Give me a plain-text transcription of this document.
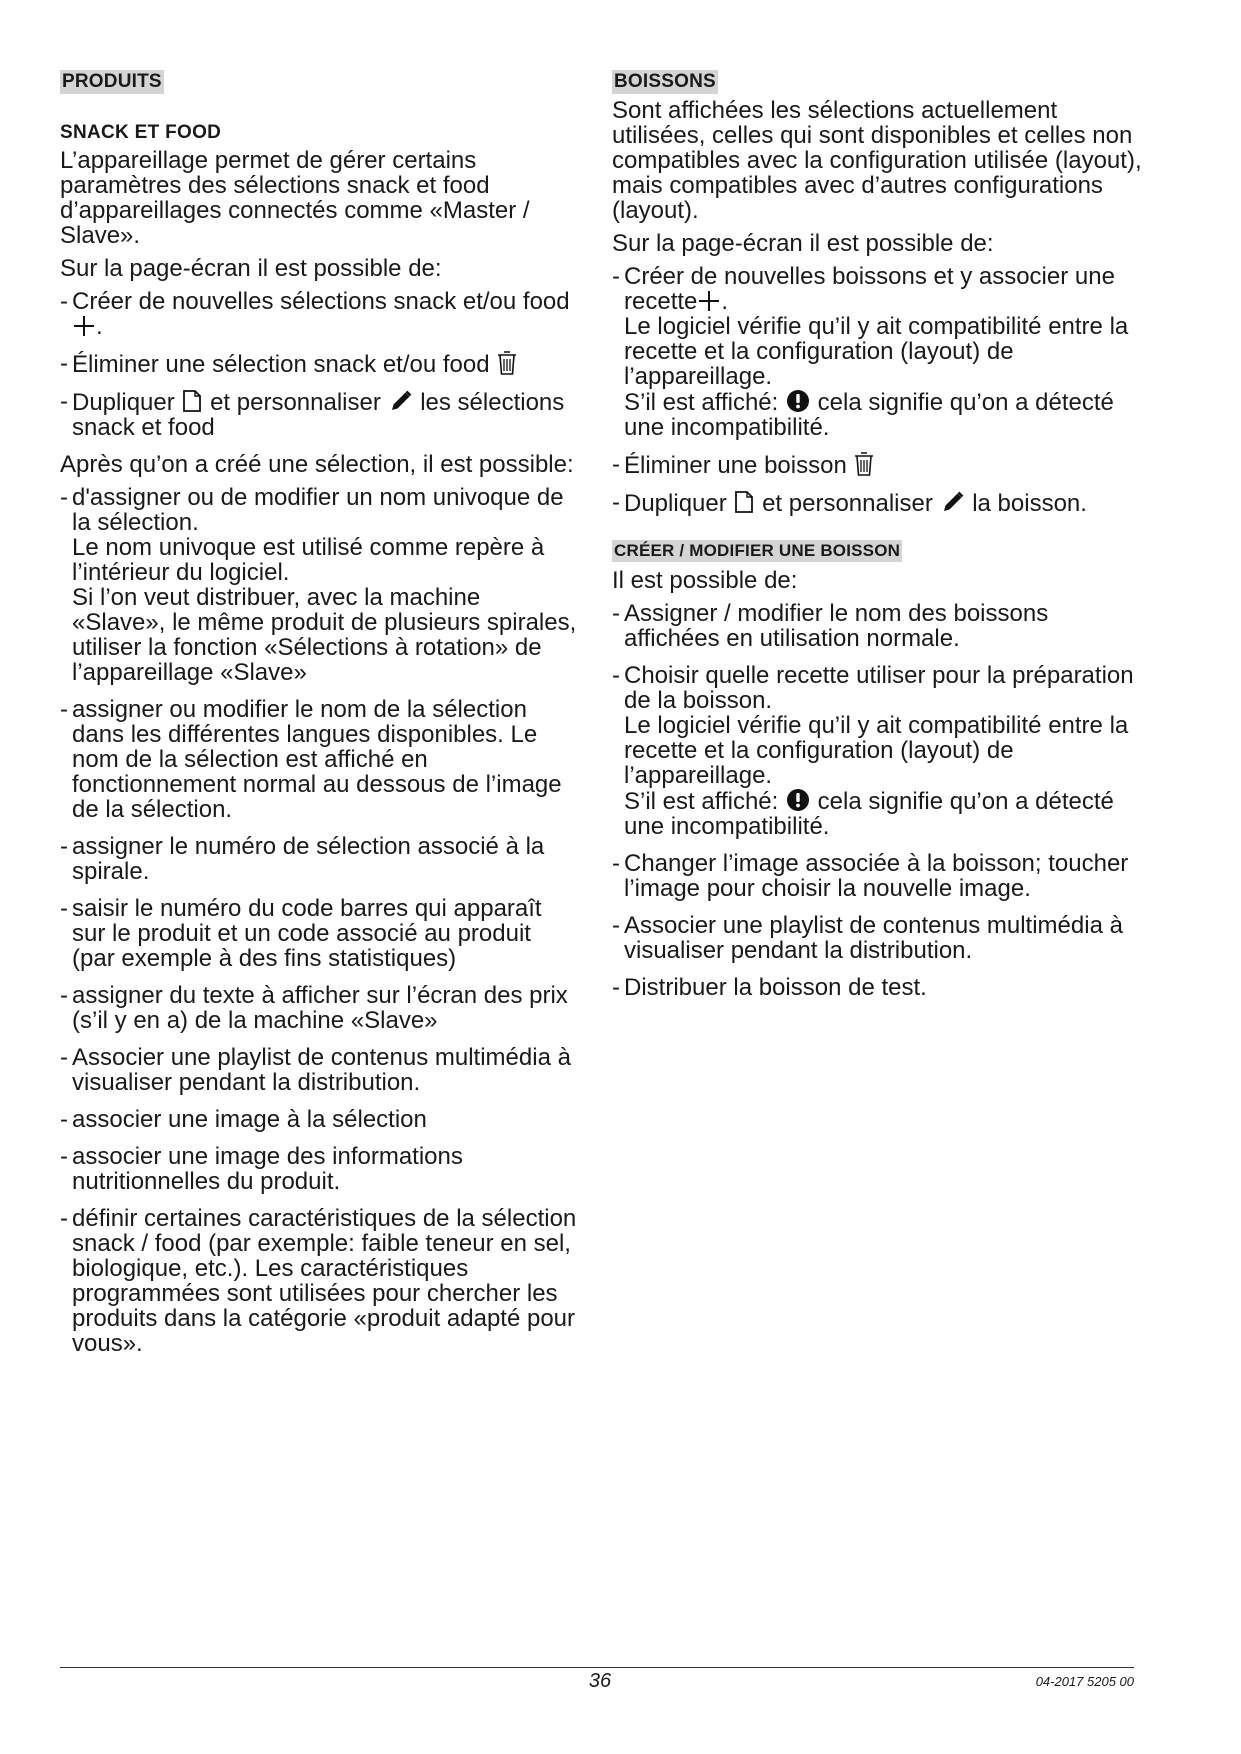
PRODUITS
SNACK ET FOOD

L’appareillage permet de gérer certains paramètres des sélections snack et food d’appareillages connectés comme «Master / Slave».

Sur la page-écran il est possible de:

- Créer de nouvelles sélections snack et/ou food .
- Éliminer une sélection snack et/ou food
- Dupliquer et personnaliser les sélections snack et food

Après qu’on a créé une sélection, il est possible:

- d'assigner ou de modifier un nom univoque de la sélection.
Le nom univoque est utilisé comme repère à l’intérieur du logiciel.
Si l’on veut distribuer, avec la machine «Slave», le même produit de plusieurs spirales, utiliser la fonction «Sélections à rotation» de l’appareillage «Slave»
- assigner ou modifier le nom de la sélection dans les différentes langues disponibles. Le nom de la sélection est affiché en fonctionnement normal au dessous de l’image de la sélection.
- assigner le numéro de sélection associé à la spirale.
- saisir le numéro du code barres qui apparaît sur le produit et un code associé au produit (par exemple à des fins statistiques)
- assigner du texte à afficher sur l’écran des prix (s’il y en a) de la machine «Slave»
- Associer une playlist de contenus multimédia à visualiser pendant la distribution.
- associer une image à la sélection
- associer une image des informations nutritionnelles du produit.
- définir certaines caractéristiques de la sélection snack / food (par exemple: faible teneur en sel, biologique, etc.). Les caractéristiques programmées sont utilisées pour chercher les produits dans la catégorie «produit adapté pour vous».
BOISSONS

Sont affichées les sélections actuellement utilisées, celles qui sont disponibles et celles non compatibles avec la configuration utilisée (layout), mais compatibles avec d’autres configurations (layout).

Sur la page-écran il est possible de:

- Créer de nouvelles boissons et y associer une recette .
Le logiciel vérifie qu’il y ait compatibilité entre la recette et la configuration (layout) de l’appareillage.
S’il est affiché: cela signifie qu’on a détecté une incompatibilité.
- Éliminer une boisson
- Dupliquer et personnaliser la boisson.
CRÉER / MODIFIER UNE BOISSON

Il est possible de:

- Assigner / modifier le nom des boissons affichées en utilisation normale.
- Choisir quelle recette utiliser pour la préparation de la boisson.
Le logiciel vérifie qu’il y ait compatibilité entre la recette et la configuration (layout) de l’appareillage.
S’il est affiché: cela signifie qu’on a détecté une incompatibilité.
- Changer l’image associée à la boisson; toucher l’image pour choisir la nouvelle image.
- Associer une playlist de contenus multimédia à visualiser pendant la distribution.
- Distribuer la boisson de test.
36	04-2017 5205 00
